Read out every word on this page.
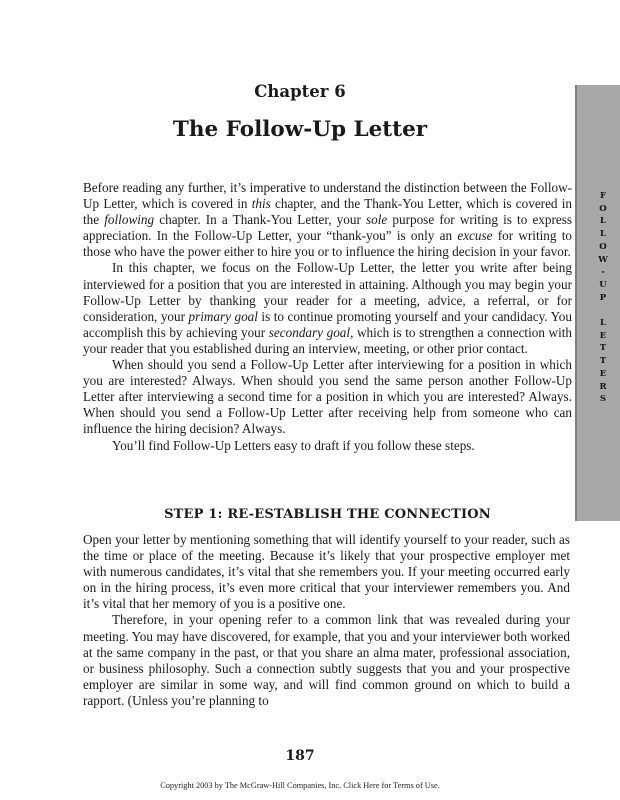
Chapter 6
The Follow-Up Letter
F
O
L
L
O
W
-
U
P

L
E
T
T
E
R
S

Before reading any further, it’s imperative to understand the distinction between the Follow-Up Letter, which is covered in this chapter, and the Thank-You Letter, which is covered in the following chapter. In a Thank-You Letter, your sole purpose for writing is to express appreciation. In the Follow-Up Letter, your “thank-you” is only an excuse for writing to those who have the power either to hire you or to influence the hiring decision in your favor.

In this chapter, we focus on the Follow-Up Letter, the letter you write after being interviewed for a position that you are interested in attaining. Although you may begin your Follow-Up Letter by thanking your reader for a meeting, advice, a referral, or for consideration, your primary goal is to continue promoting yourself and your candidacy. You accomplish this by achieving your secondary goal, which is to strengthen a connection with your reader that you established during an interview, meeting, or other prior contact.

When should you send a Follow-Up Letter after interviewing for a position in which you are interested? Always. When should you send the same person another Follow-Up Letter after interviewing a second time for a position in which you are interested? Always. When should you send a Follow-Up Letter after receiving help from someone who can influence the hiring decision? Always.

You’ll find Follow-Up Letters easy to draft if you follow these steps.

STEP 1: RE-ESTABLISH THE CONNECTION

Open your letter by mentioning something that will identify yourself to your reader, such as the time or place of the meeting. Because it’s likely that your prospective employer met with numerous candidates, it’s vital that she remembers you. If your meeting occurred early on in the hiring process, it’s even more critical that your interviewer remembers you. And it’s vital that her memory of you is a positive one.

Therefore, in your opening refer to a common link that was revealed during your meeting. You may have discovered, for example, that you and your interviewer both worked at the same company in the past, or that you share an alma mater, professional association, or business philosophy. Such a connection subtly suggests that you and your prospective employer are similar in some way, and will find common ground on which to build a rapport. (Unless you’re planning to

187
Copyright 2003 by The McGraw-Hill Companies, Inc. Click Here for Terms of Use.
